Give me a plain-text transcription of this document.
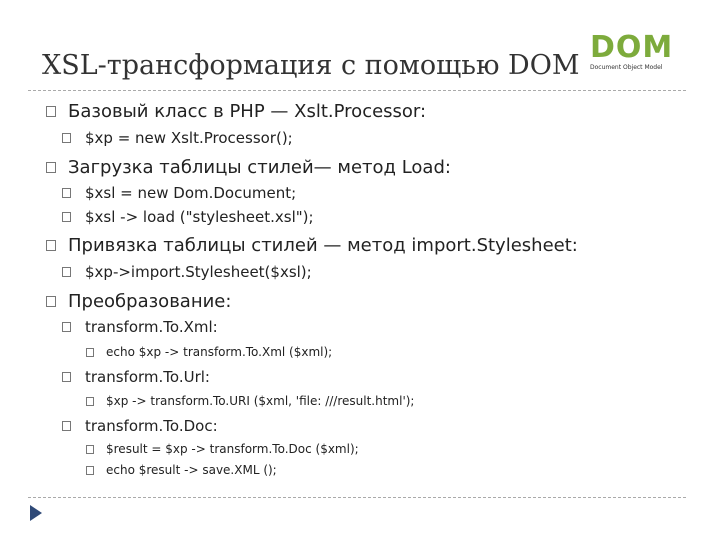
XSL-трансформация с помощью DOM
DOM
Document Object Model
Базовый класс в PHP — Xslt.Processor:
$xp = new Xslt.Processor();
Загрузка таблицы стилей— метод Load:
$xsl = new Dom.Document;
$xsl -> load ("stylesheet.xsl");
Привязка таблицы стилей — метод import.Stylesheet:
$xp->import.Stylesheet($xsl);
Преобразование:
transform.To.Xml:
echo $xp -> transform.To.Xml ($xml);
transform.To.Url:
$xp -> transform.To.URI ($xml, 'file: ///result.html');
transform.To.Doc:
$result = $xp -> transform.To.Doc ($xml);
echo $result -> save.XML ();
